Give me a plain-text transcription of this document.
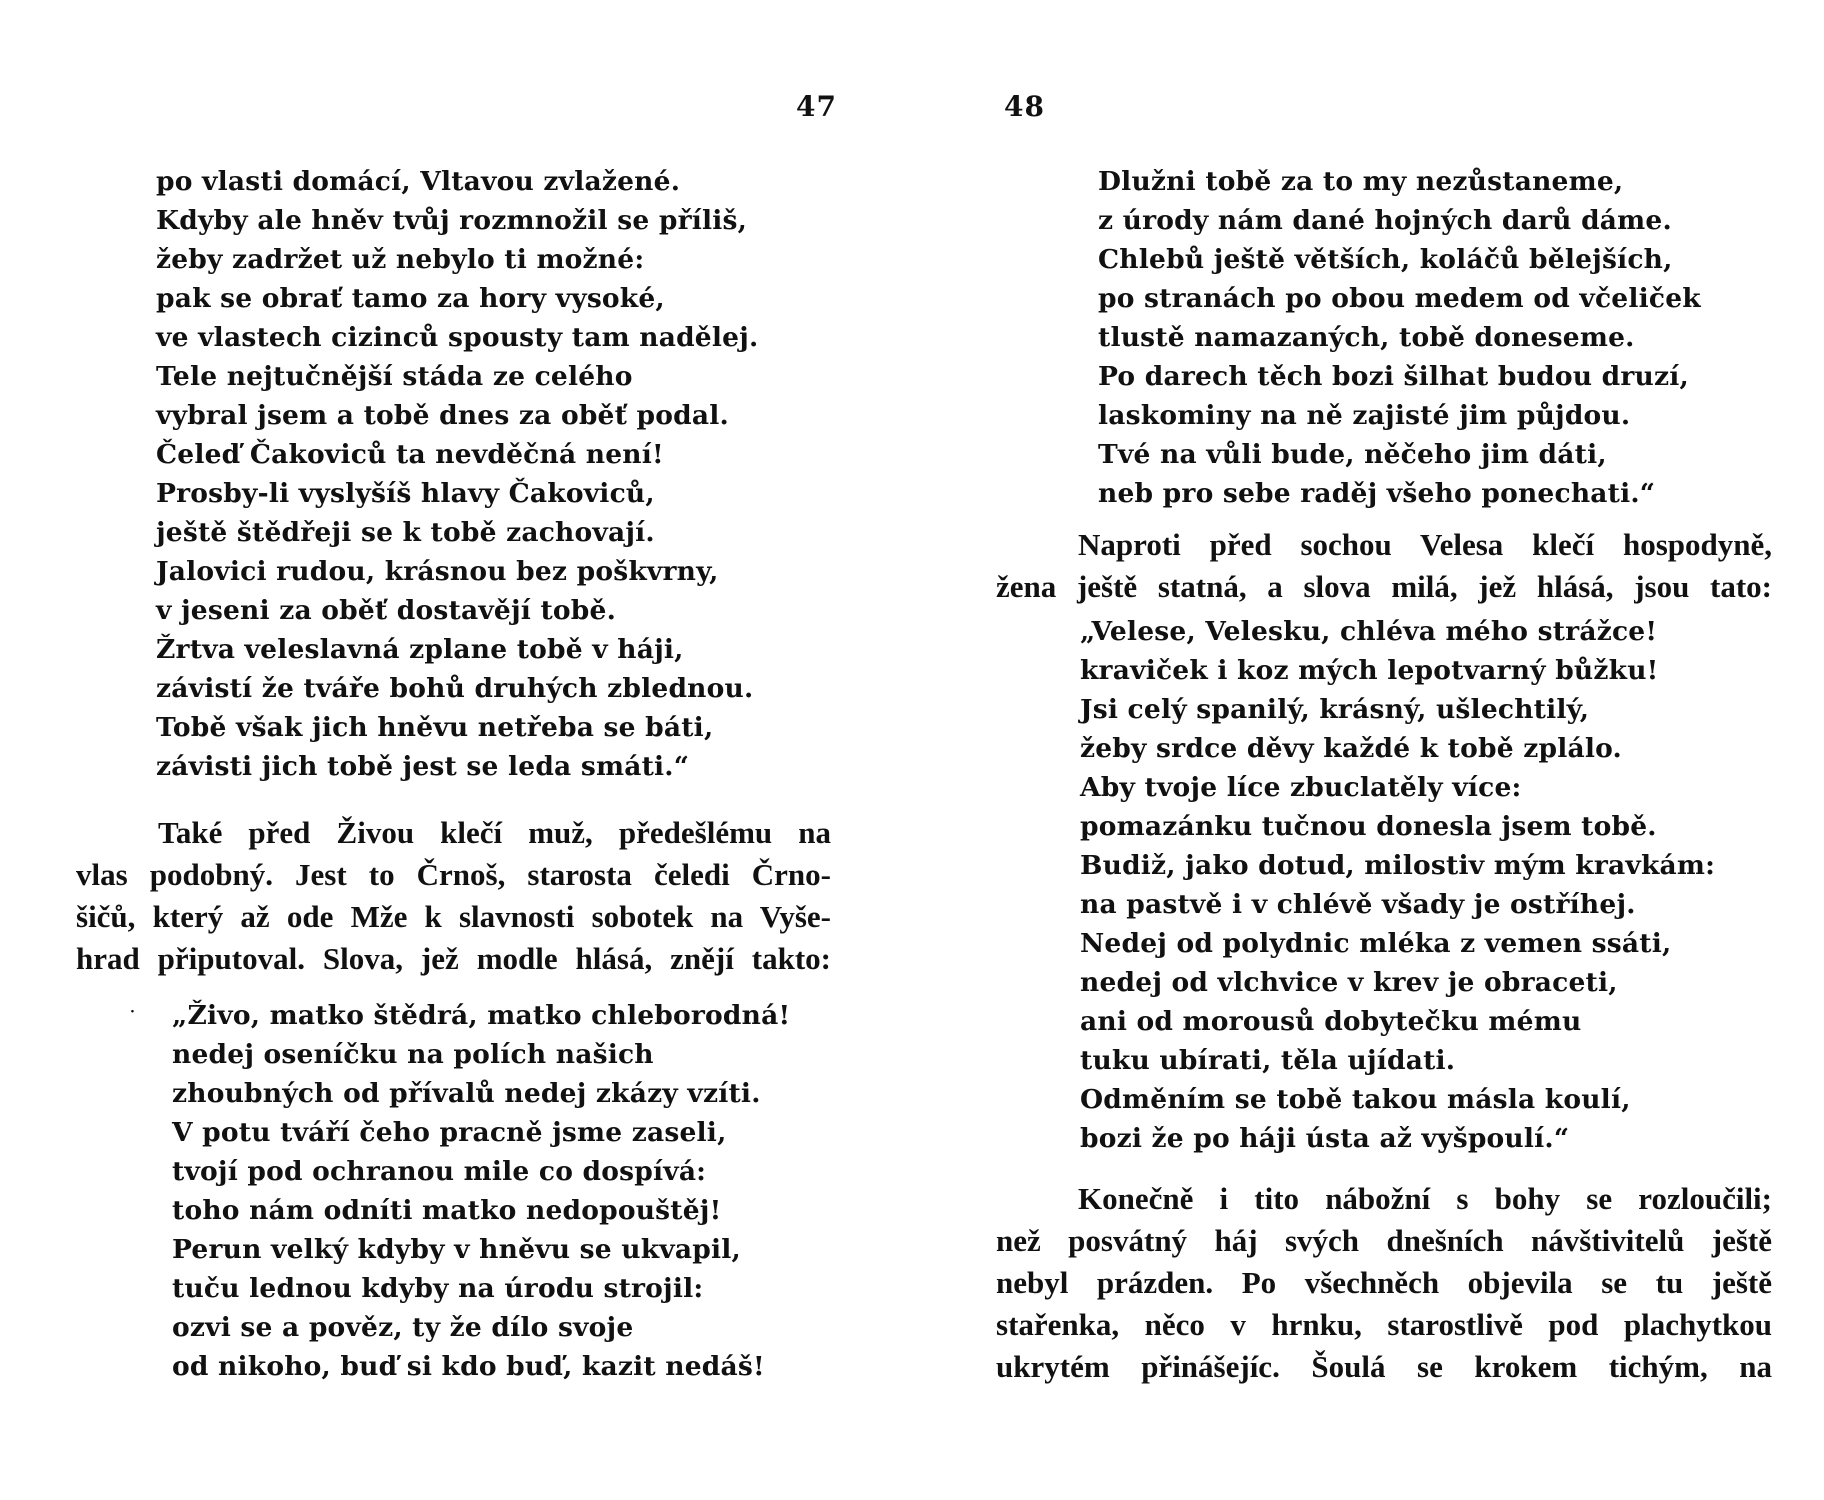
47
po vlasti domácí, Vltavou zvlažené.
Kdyby ale hněv tvůj rozmnožil se příliš,
žeby zadržet už nebylo ti možné:
pak se obrať tamo za hory vysoké,
ve vlastech cizinců spousty tam nadělej.
Tele nejtučnější stáda ze celého
vybral jsem a tobě dnes za oběť podal.
Čeleď Čakoviců ta nevděčná není!
Prosby-li vyslyšíš hlavy Čakoviců,
ještě štědřeji se k tobě zachovají.
Jalovici rudou, krásnou bez poškvrny,
v jeseni za oběť dostavějí tobě.
Žrtva veleslavná zplane tobě v háji,
závistí že tváře bohů druhých zblednou.
Tobě však jich hněvu netřeba se báti,
závisti jich tobě jest se leda smáti.“
Také před Živou klečí muž, předešlému na
vlas podobný. Jest to Črnoš, starosta čeledi Črno-
šičů, který až ode Mže k slavnosti sobotek na Vyše-
hrad připutoval. Slova, jež modle hlásá, znějí takto:
· „Živo, matko štědrá, matko chleborodná!
nedej oseníčku na polích našich
zhoubných od přívalů nedej zkázy vzíti.
V potu tváří čeho pracně jsme zaseli,
tvojí pod ochranou mile co dospívá:
toho nám odníti matko nedopouštěj!
Perun velký kdyby v hněvu se ukvapil,
tuču lednou kdyby na úrodu strojil:
ozvi se a pověz, ty že dílo svoje
od nikoho, buď si kdo buď, kazit nedáš!
48
Dlužni tobě za to my nezůstaneme,
z úrody nám dané hojných darů dáme.
Chlebů ještě větších, koláčů bělejších,
po stranách po obou medem od včeliček
tlustě namazaných, tobě doneseme.
Po darech těch bozi šilhat budou druzí,
laskominy na ně zajisté jim půjdou.
Tvé na vůli bude, něčeho jim dáti,
neb pro sebe raděj všeho ponechati.“
Naproti před sochou Velesa klečí hospodyně,
žena ještě statná, a slova milá, jež hlásá, jsou tato:
„Velese, Velesku, chléva mého strážce!
kraviček i koz mých lepotvarný bůžku!
Jsi celý spanilý, krásný, ušlechtilý,
žeby srdce děvy každé k tobě zplálo.
Aby tvoje líce zbuclatěly více:
pomazánku tučnou donesla jsem tobě.
Budiž, jako dotud, milostiv mým kravkám:
na pastvě i v chlévě všady je ostříhej.
Nedej od polydnic mléka z vemen ssáti,
nedej od vlchvice v krev je obraceti,
ani od morousů dobytečku mému
tuku ubírati, těla ujídati.
Odměním se tobě takou másla koulí,
bozi že po háji ústa až vyšpoulí.“
Konečně i tito nábožní s bohy se rozloučili;
než posvátný háj svých dnešních návštivitelů ještě
nebyl prázden. Po všechněch objevila se tu ještě
stařenka, něco v hrnku, starostlivě pod plachytkou
ukrytém přinášejíc. Šoulá se krokem tichým, na
